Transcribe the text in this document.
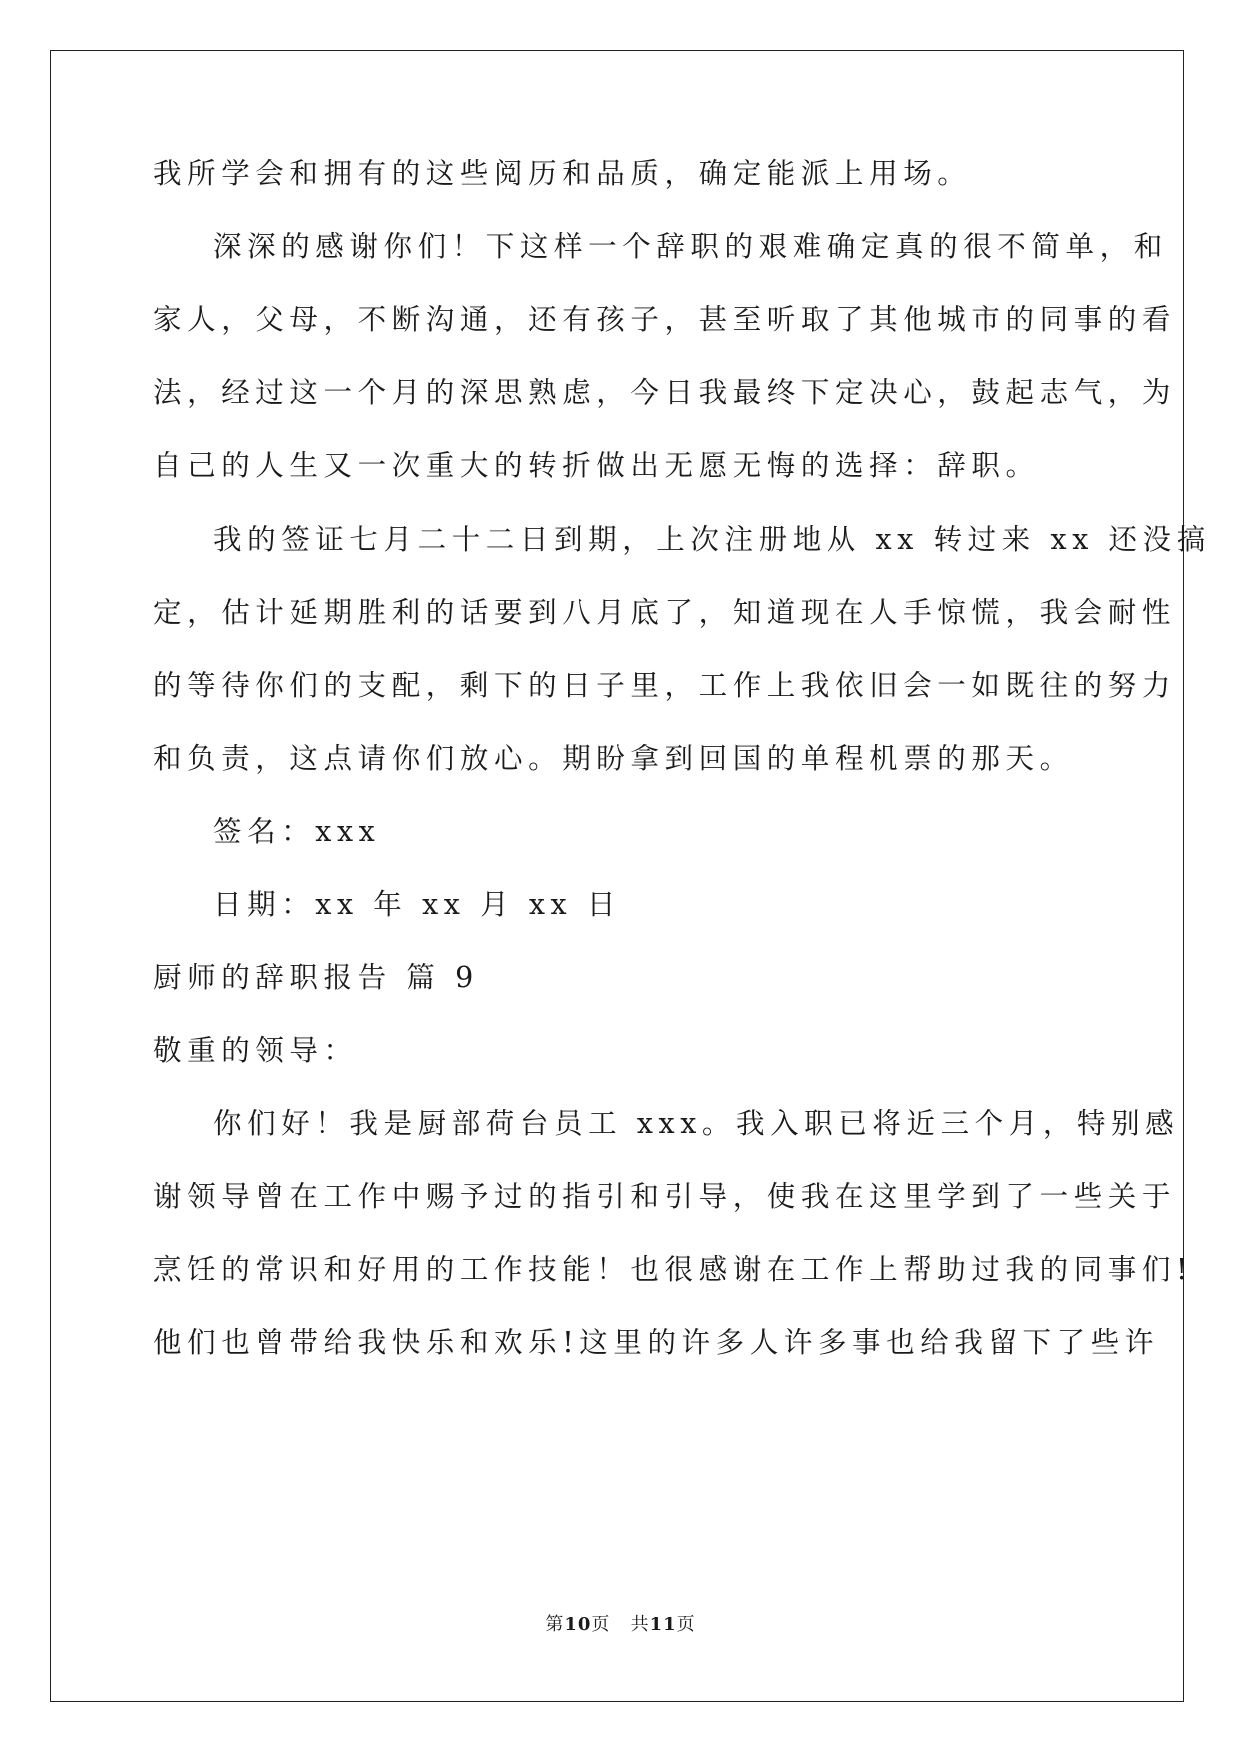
我所学会和拥有的这些阅历和品质，确定能派上用场。
深深的感谢你们！下这样一个辞职的艰难确定真的很不简单，和
家人，父母，不断沟通，还有孩子，甚至听取了其他城市的同事的看
法，经过这一个月的深思熟虑，今日我最终下定决心，鼓起志气，为
自己的人生又一次重大的转折做出无愿无悔的选择：辞职。
我的签证七月二十二日到期，上次注册地从 xx 转过来 xx 还没搞
定，估计延期胜利的话要到八月底了，知道现在人手惊慌，我会耐性
的等待你们的支配，剩下的日子里，工作上我依旧会一如既往的努力
和负责，这点请你们放心。期盼拿到回国的单程机票的那天。
签名：xxx
日期：xx 年 xx 月 xx 日
厨师的辞职报告 篇 9
敬重的领导：
你们好！我是厨部荷台员工 xxx。我入职已将近三个月，特别感
谢领导曾在工作中赐予过的指引和引导，使我在这里学到了一些关于
烹饪的常识和好用的工作技能！也很感谢在工作上帮助过我的同事们!
他们也曾带给我快乐和欢乐!这里的许多人许多事也给我留下了些许
第10页 共11页
